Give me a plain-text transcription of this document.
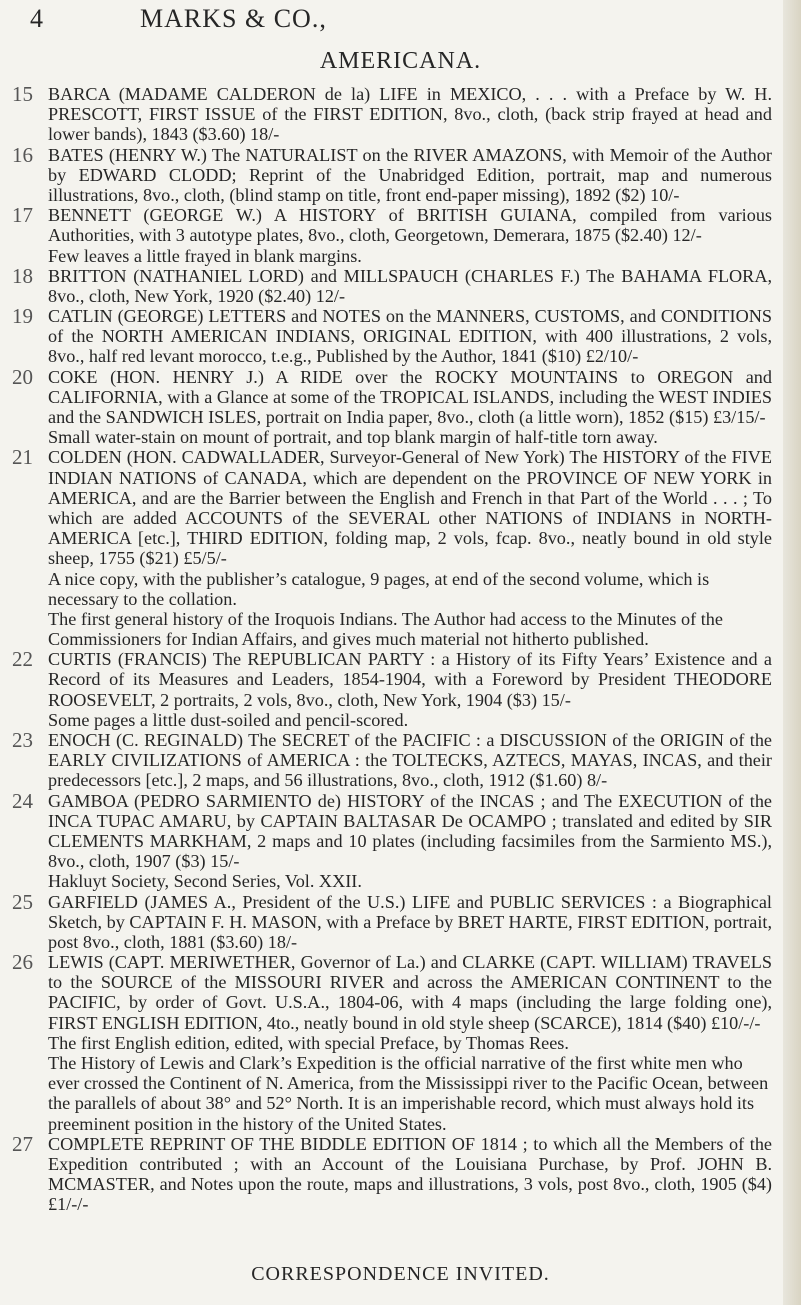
4	MARKS & CO.,
AMERICANA.
15 BARCA (MADAME CALDERON de la) LIFE in MEXICO, . . . with a Preface by W. H. PRESCOTT, FIRST ISSUE of the FIRST EDITION, 8vo., cloth, (back strip frayed at head and lower bands), 1843 ($3.60) 18/-

16 BATES (HENRY W.) The NATURALIST on the RIVER AMAZONS, with Memoir of the Author by EDWARD CLODD; Reprint of the Unabridged Edition, portrait, map and numerous illustrations, 8vo., cloth, (blind stamp on title, front end-paper missing), 1892 ($2) 10/-

17 BENNETT (GEORGE W.) A HISTORY of BRITISH GUIANA, compiled from various Authorities, with 3 autotype plates, 8vo., cloth, Georgetown, Demerara, 1875 ($2.40) 12/-

Few leaves a little frayed in blank margins.

18 BRITTON (NATHANIEL LORD) and MILLSPAUCH (CHARLES F.) The BAHAMA FLORA, 8vo., cloth, New York, 1920 ($2.40) 12/-

19 CATLIN (GEORGE) LETTERS and NOTES on the MANNERS, CUSTOMS, and CONDITIONS of the NORTH AMERICAN INDIANS, ORIGINAL EDITION, with 400 illustrations, 2 vols, 8vo., half red levant morocco, t.e.g., Published by the Author, 1841 ($10) £2/10/-

20 COKE (HON. HENRY J.) A RIDE over the ROCKY MOUNTAINS to OREGON and CALIFORNIA, with a Glance at some of the TROPICAL ISLANDS, including the WEST INDIES and the SANDWICH ISLES, portrait on India paper, 8vo., cloth (a little worn), 1852 ($15) £3/15/-

Small water-stain on mount of portrait, and top blank margin of half-title torn away.

21 COLDEN (HON. CADWALLADER, Surveyor-General of New York) The HISTORY of the FIVE INDIAN NATIONS of CANADA, which are dependent on the PROVINCE OF NEW YORK in AMERICA, and are the Barrier between the English and French in that Part of the World . . . ; To which are added ACCOUNTS of the SEVERAL other NATIONS of INDIANS in NORTH-AMERICA [etc.], THIRD EDITION, folding map, 2 vols, fcap. 8vo., neatly bound in old style sheep, 1755 ($21) £5/5/-

A nice copy, with the publisher’s catalogue, 9 pages, at end of the second volume, which is necessary to the collation.

The first general history of the Iroquois Indians. The Author had access to the Minutes of the Commissioners for Indian Affairs, and gives much material not hitherto published.

22 CURTIS (FRANCIS) The REPUBLICAN PARTY : a History of its Fifty Years’ Existence and a Record of its Measures and Leaders, 1854-1904, with a Foreword by President THEODORE ROOSEVELT, 2 portraits, 2 vols, 8vo., cloth, New York, 1904 ($3) 15/-

Some pages a little dust-soiled and pencil-scored.

23 ENOCH (C. REGINALD) The SECRET of the PACIFIC : a DISCUSSION of the ORIGIN of the EARLY CIVILIZATIONS of AMERICA : the TOLTECKS, AZTECS, MAYAS, INCAS, and their predecessors [etc.], 2 maps, and 56 illustrations, 8vo., cloth, 1912 ($1.60) 8/-

24 GAMBOA (PEDRO SARMIENTO de) HISTORY of the INCAS ; and The EXECUTION of the INCA TUPAC AMARU, by CAPTAIN BALTASAR De OCAMPO ; translated and edited by SIR CLEMENTS MARKHAM, 2 maps and 10 plates (including facsimiles from the Sarmiento MS.), 8vo., cloth, 1907 ($3) 15/-

Hakluyt Society, Second Series, Vol. XXII.

25 GARFIELD (JAMES A., President of the U.S.) LIFE and PUBLIC SERVICES : a Biographical Sketch, by CAPTAIN F. H. MASON, with a Preface by BRET HARTE, FIRST EDITION, portrait, post 8vo., cloth, 1881 ($3.60) 18/-

26 LEWIS (CAPT. MERIWETHER, Governor of La.) and CLARKE (CAPT. WILLIAM) TRAVELS to the SOURCE of the MISSOURI RIVER and across the AMERICAN CONTINENT to the PACIFIC, by order of Govt. U.S.A., 1804-06, with 4 maps (including the large folding one), FIRST ENGLISH EDITION, 4to., neatly bound in old style sheep (SCARCE), 1814 ($40) £10/-/-

The first English edition, edited, with special Preface, by Thomas Rees.

The History of Lewis and Clark’s Expedition is the official narrative of the first white men who ever crossed the Continent of N. America, from the Mississippi river to the Pacific Ocean, between the parallels of about 38° and 52° North. It is an imperishable record, which must always hold its preeminent position in the history of the United States.

27 COMPLETE REPRINT OF THE BIDDLE EDITION OF 1814 ; to which all the Members of the Expedition contributed ; with an Account of the Louisiana Purchase, by Prof. JOHN B. MCMASTER, and Notes upon the route, maps and illustrations, 3 vols, post 8vo., cloth, 1905 ($4) £1/-/-

CORRESPONDENCE INVITED.
